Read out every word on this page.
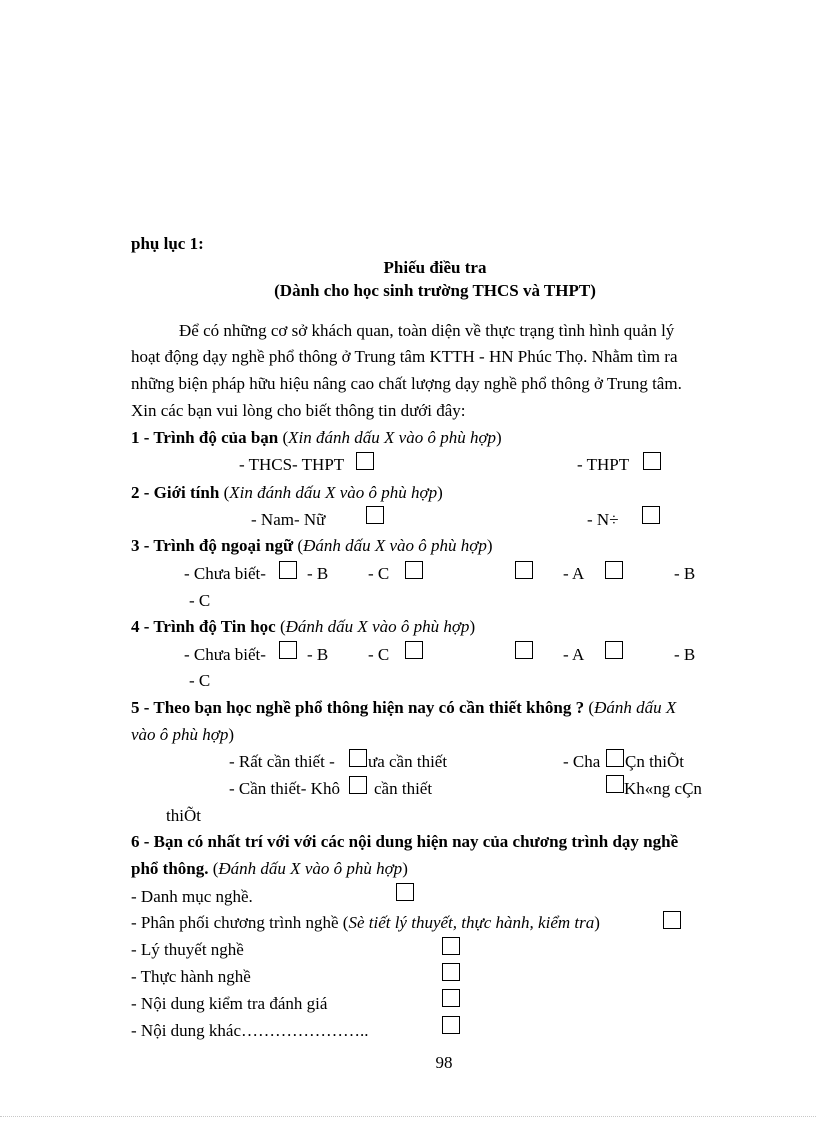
phụ lục 1:
Phiếu điều tra
(Dành cho học sinh trường THCS và THPT)
Để có những cơ sở khách quan, toàn diện về thực trạng tình hình quản lý
hoạt động dạy nghề phổ thông ở Trung tâm KTTH - HN Phúc Thọ. Nhằm tìm ra
những biện pháp hữu hiệu nâng cao chất lượng dạy nghề phổ thông ở Trung tâm.
Xin các bạn vui lòng cho biết thông tin dưới đây:
1 - Trình độ của bạn (Xin đánh dấu X vào ô phù hợp)
- THCS- THPT	- THPT
2 - Giới tính (Xin đánh dấu X vào ô phù hợp)
- Nam- Nữ	- N÷
3 - Trình độ ngoại ngữ (Đánh dấu X vào ô phù hợp)
- Chưa biết- - B - C	- A	- B
- C
4 - Trình độ Tin học (Đánh dấu X vào ô phù hợp)
- Chưa biết- - B - C	- A	- B
- C
5 - Theo bạn học nghề phổ thông hiện nay có cần thiết không ? (Đánh dấu X
vào ô phù hợp)
- Rất cần thiết - ưa cần thiết	- Cha Çn thiÕt
- Cần thiết- Khô cần thiết	Kh«ng cÇn
thiÕt
6 - Bạn có nhất trí với với các nội dung hiện nay của chương trình dạy nghề
phổ thông. (Đánh dấu X vào ô phù hợp)
- Danh mục nghề.
- Phân phối chương trình nghề (Sè tiết lý thuyết, thực hành, kiểm tra)
- Lý thuyết nghề
- Thực hành nghề
- Nội dung kiểm tra đánh giá
- Nội dung khác…………………..
98
